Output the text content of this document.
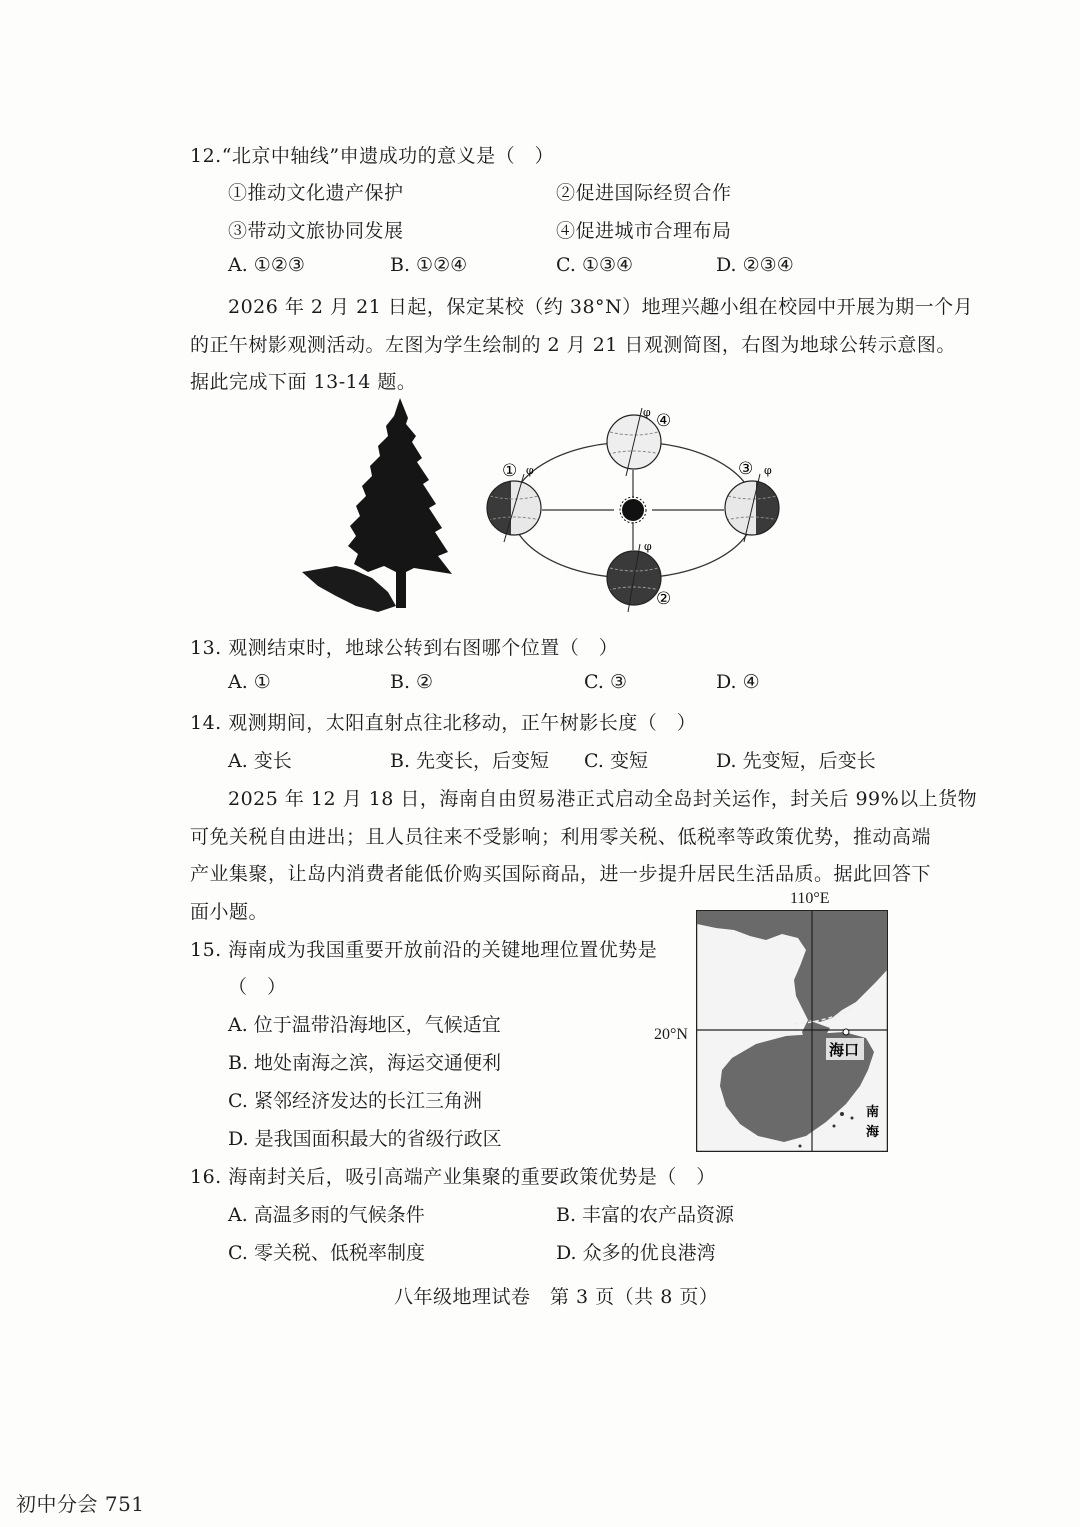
12.“北京中轴线”申遗成功的意义是（　）
①推动文化遗产保护	②促进国际经贸合作
③带动文旅协同发展	④促进城市合理布局
A. ①②③	B. ①②④	C. ①③④	D. ②③④
2026 年 2 月 21 日起，保定某校（约 38°N）地理兴趣小组在校园中开展为期一个月
的正午树影观测活动。左图为学生绘制的 2 月 21 日观测简图，右图为地球公转示意图。
据此完成下面 13-14 题。
①
②
③
④
φ
φ
φ
φ
13. 观测结束时，地球公转到右图哪个位置（　）
A. ①	B. ②	C. ③	D. ④
14. 观测期间，太阳直射点往北移动，正午树影长度（　）
A. 变长	B. 先变长，后变短 C. 变短	D. 先变短，后变长
2025 年 12 月 18 日，海南自由贸易港正式启动全岛封关运作，封关后 99%以上货物
可免关税自由进出；且人员往来不受影响；利用零关税、低税率等政策优势，推动高端
产业集聚，让岛内消费者能低价购买国际商品，进一步提升居民生活品质。据此回答下
面小题。
110°E
20°N
海口
南
海
15. 海南成为我国重要开放前沿的关键地理位置优势是
（　）
A. 位于温带沿海地区，气候适宜
B. 地处南海之滨，海运交通便利
C. 紧邻经济发达的长江三角洲
D. 是我国面积最大的省级行政区
16. 海南封关后，吸引高端产业集聚的重要政策优势是（　）
A. 高温多雨的气候条件	B. 丰富的农产品资源
C. 零关税、低税率制度	D. 众多的优良港湾
八年级地理试卷　第 3 页（共 8 页）
初中分会 751
